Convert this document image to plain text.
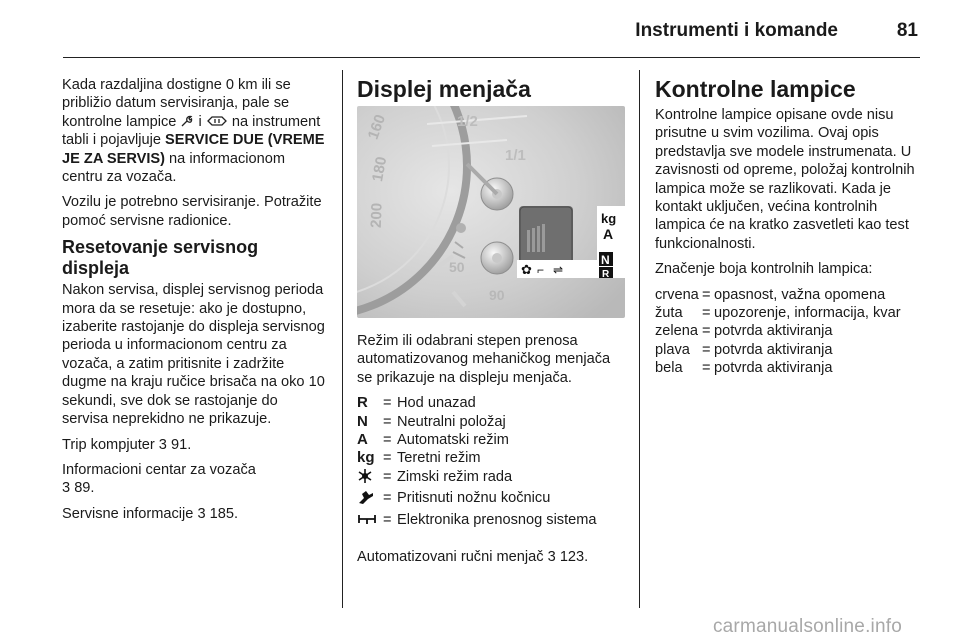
Instrumenti i komande	81

Kada razdaljina dostigne 0 km ili se približio datum servisiranja, pale se kontrolne lampice  i  na instrument tabli i pojavljuje SERVICE DUE (VREME JE ZA SERVIS) na informacionom centru za vozača.

Vozilu je potrebno servisiranje. Potražite pomoć servisne radionice.

Resetovanje servisnog displeja

Nakon servisa, displej servisnog perioda mora da se resetuje: ako je dostupno, izaberite rastojanje do displeja servisnog perioda u informacionom centru za vozača, a zatim pritisnite i zadržite dugme na kraju ručice brisača na oko 10 sekundi, sve dok se rastojanje do servisa neprekidno ne prikazuje.

Trip kompjuter 3 91.

Informacioni centar za vozača
3 89.

Servisne informacije 3 185.

Displej menjača
160
180
200
1/1
1/2
50
90
kg
A
N
R
✿ ⌐ ⇌

Režim ili odabrani stepen prenosa automatizovanog mehaničkog menjača se prikazuje na displeju menjača.

R	= Hod unazad
N	= Neutralni položaj
A	= Automatski režim
kg = Teretni režim
= Zimski režim rada
= Pritisnuti nožnu kočnicu
= Elektronika prenosnog sistema

Automatizovani ručni menjač 3 123.

Kontrolne lampice

Kontrolne lampice opisane ovde nisu prisutne u svim vozilima. Ovaj opis predstavlja sve modele instrumenata. U zavisnosti od opreme, položaj kontrolnih lampica može se razlikovati. Kada je kontakt uključen, većina kontrolnih lampica će na kratko zasvetleti kao test funkcionalnosti.

Značenje boja kontrolnih lampica:

crvena = opasnost, važna opomena
žuta	= upozorenje, informacija, kvar
zelena = potvrda aktiviranja
plava = potvrda aktiviranja
bela	= potvrda aktiviranja
carmanualsonline.info
